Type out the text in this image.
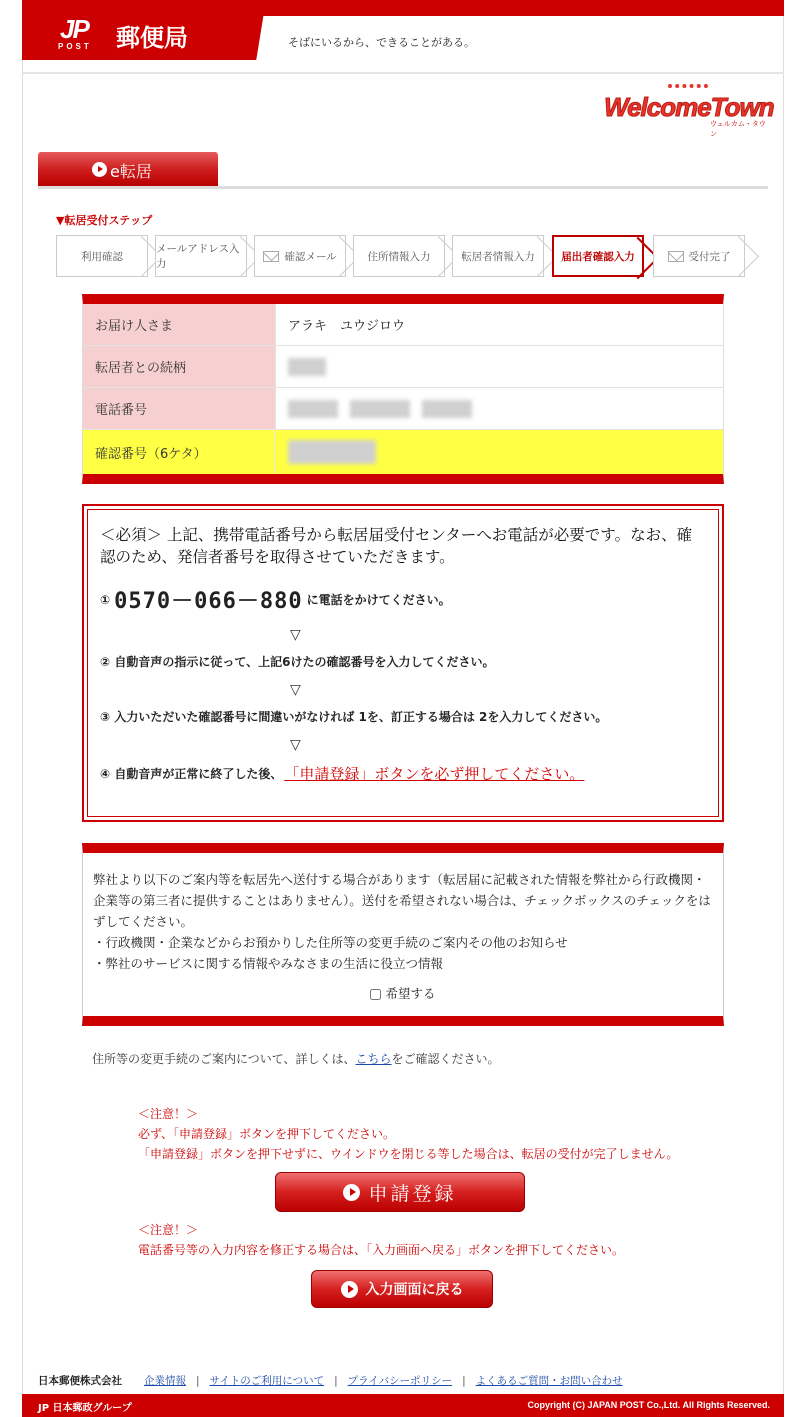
JP
POST 郵便局	そばにいるから、できることがある。
WelcomeTown
ウェルカム・タウン
e転居
▼転居受付ステップ
利用確認
メールアドレス入力
確認メール	住所情報入力	転居者情報入力	届出者確認入力	受付完了
お届け人さま	アラキ　ユウジロウ
転居者との続柄
電話番号
確認番号（6ケタ）
＜必須＞ 上記、携帯電話番号から転居届受付センターへお電話が必要です。なお、確認のため、発信者番号を取得させていただきます。
① 0570－066－880 に電話をかけてください。
▽
② 自動音声の指示に従って、上記6けたの確認番号を入力してください。
▽
③ 入力いただいた確認番号に間違いがなければ 1を、訂正する場合は 2を入力してください。
▽
④ 自動音声が正常に終了した後、 「申請登録」ボタンを必ず押してください。

弊社より以下のご案内等を転居先へ送付する場合があります（転居届に記載された情報を弊社から行政機関・企業等の第三者に提供することはありません）。送付を希望されない場合は、チェックボックスのチェックをはずしてください。

・行政機関・企業などからお預かりした住所等の変更手続のご案内その他のお知らせ

・弊社のサービスに関する情報やみなさまの生活に役立つ情報

希望する
住所等の変更手続のご案内について、詳しくは、こちらをご確認ください。
＜注意！＞
必ず、「申請登録」ボタンを押下してください。
「申請登録」ボタンを押下せずに、ウインドウを閉じる等した場合は、転居の受付が完了しません。
申請登録
＜注意！＞
電話番号等の入力内容を修正する場合は、「入力画面へ戻る」ボタンを押下してください。
入力画面に戻る
日本郵便株式会社 企業情報 | サイトのご利用について | プライバシーポリシー | よくあるご質問・お問い合わせ
JP 日本郵政グループ	Copyright (C) JAPAN POST Co.,Ltd. All Rights Reserved.
